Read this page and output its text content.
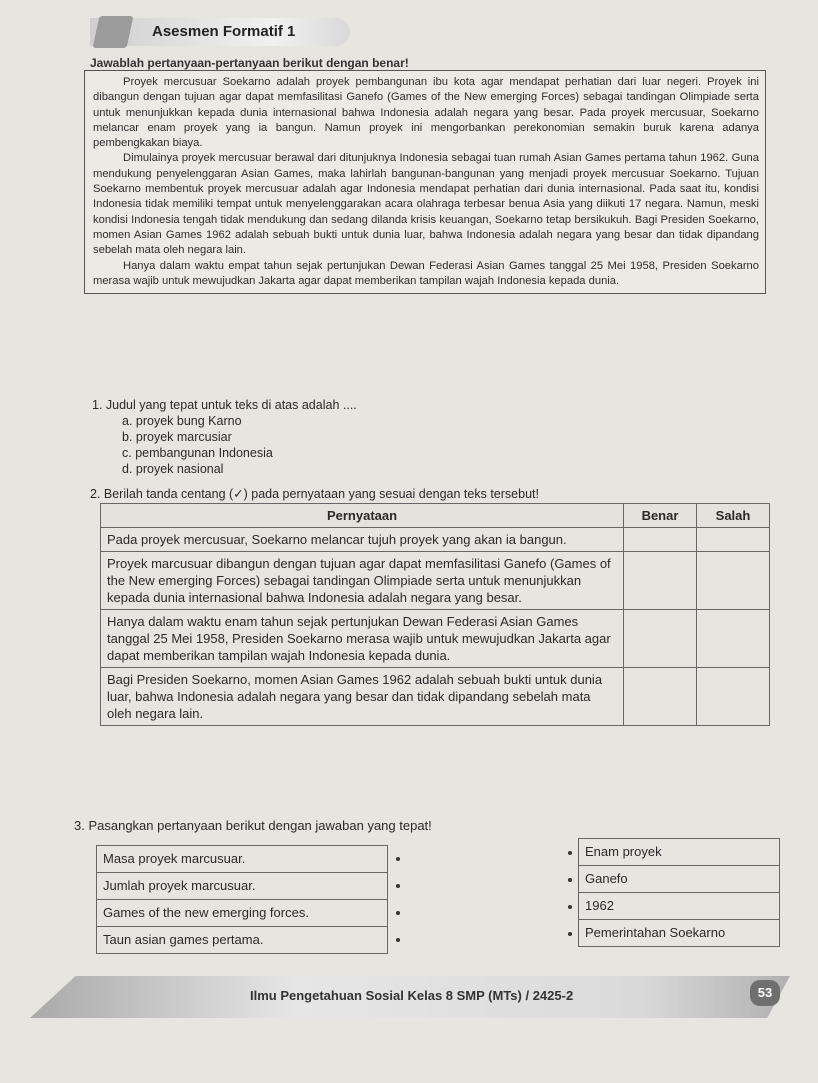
Asesmen Formatif 1
Jawablah pertanyaan-pertanyaan berikut dengan benar!

Proyek mercusuar Soekarno adalah proyek pembangunan ibu kota agar mendapat perhatian dari luar negeri. Proyek ini dibangun dengan tujuan agar dapat memfasilitasi Ganefo (Games of the New emerging Forces) sebagai tandingan Olimpiade serta untuk menunjukkan kepada dunia internasional bahwa Indonesia adalah negara yang besar. Pada proyek mercusuar, Soekarno melancar enam proyek yang ia bangun. Namun proyek ini mengorbankan perekonomian semakin buruk karena adanya pembengkakan biaya.

Dimulainya proyek mercusuar berawal dari ditunjuknya Indonesia sebagai tuan rumah Asian Games pertama tahun 1962. Guna mendukung penyelenggaran Asian Games, maka lahirlah bangunan-bangunan yang menjadi proyek mercusuar Soekarno. Tujuan Soekarno membentuk proyek mercusuar adalah agar Indonesia mendapat perhatian dari dunia internasional. Pada saat itu, kondisi Indonesia tidak memiliki tempat untuk menyelenggarakan acara olahraga terbesar benua Asia yang diikuti 17 negara. Namun, meski kondisi Indonesia tengah tidak mendukung dan sedang dilanda krisis keuangan, Soekarno tetap bersikukuh. Bagi Presiden Soekarno, momen Asian Games 1962 adalah sebuah bukti untuk dunia luar, bahwa Indonesia adalah negara yang besar dan tidak dipandang sebelah mata oleh negara lain.

Hanya dalam waktu empat tahun sejak pertunjukan Dewan Federasi Asian Games tanggal 25 Mei 1958, Presiden Soekarno merasa wajib untuk mewujudkan Jakarta agar dapat memberikan tampilan wajah Indonesia kepada dunia.

1. Judul yang tepat untuk teks di atas adalah ....
a. proyek bung Karno
b. proyek marcusiar
c. pembangunan Indonesia
d. proyek nasional
2. Berilah tanda centang (✓) pada pernyataan yang sesuai dengan teks tersebut!
Pernyataan	Benar	Salah
Pada proyek mercusuar, Soekarno melancar tujuh proyek yang akan ia bangun.		
Proyek marcusuar dibangun dengan tujuan agar dapat memfasilitasi Ganefo (Games of the New emerging Forces) sebagai tandingan Olimpiade serta untuk menunjukkan kepada dunia internasional bahwa Indonesia adalah negara yang besar.		
Hanya dalam waktu enam tahun sejak pertunjukan Dewan Federasi Asian Games tanggal 25 Mei 1958, Presiden Soekarno merasa wajib untuk mewujudkan Jakarta agar dapat memberikan tampilan wajah Indonesia kepada dunia.		
Bagi Presiden Soekarno, momen Asian Games 1962 adalah sebuah bukti untuk dunia luar, bahwa Indonesia adalah negara yang besar dan tidak dipandang sebelah mata oleh negara lain.		
3. Pasangkan pertanyaan berikut dengan jawaban yang tepat!
Masa proyek marcusuar.
Jumlah proyek marcusuar.
Games of the new emerging forces.
Taun asian games pertama.
Enam proyek
Ganefo
1962
Pemerintahan Soekarno
Ilmu Pengetahuan Sosial Kelas 8 SMP (MTs) / 2425-2	53
